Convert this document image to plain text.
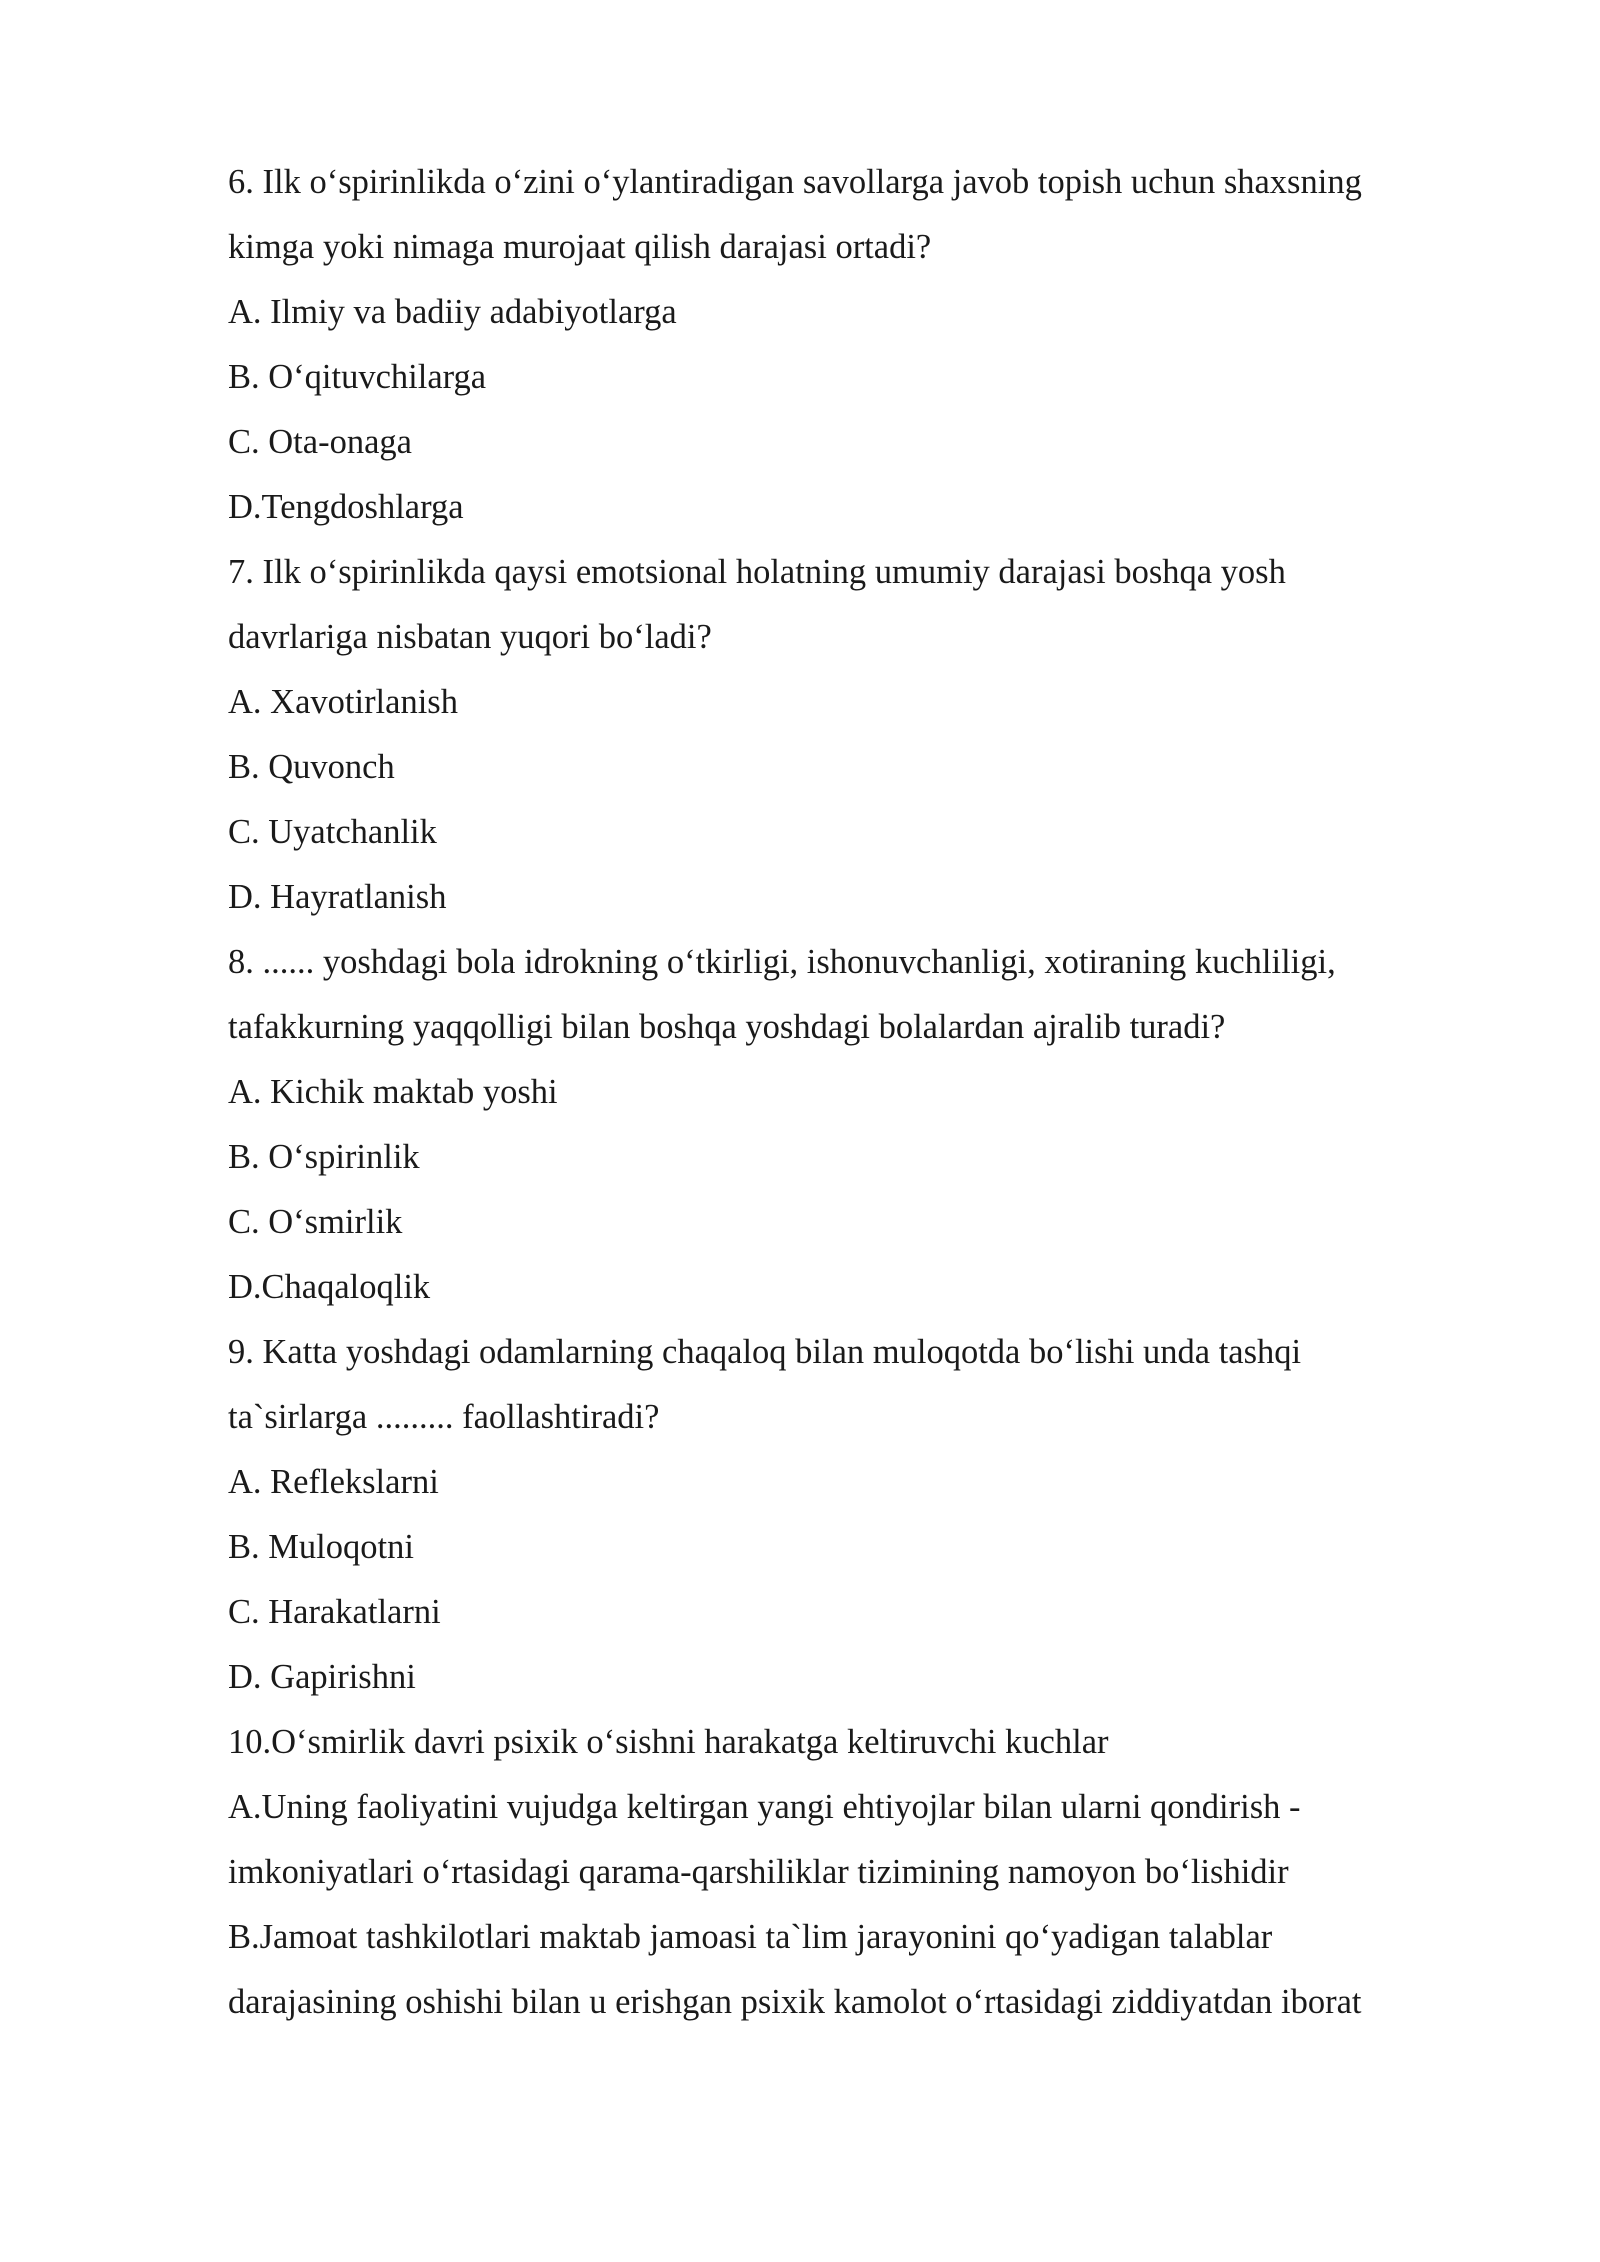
6. Ilk oʻspirinlikda oʻzini oʻylantiradigan savollarga javob topish uchun shaxsning
kimga yoki nimaga murojaat qilish darajasi ortadi?
A. Ilmiy va badiiy adabiyotlarga
B. Oʻqituvchilarga
C. Ota-onaga
D.Tengdoshlarga
7. Ilk oʻspirinlikda qaysi emotsional holatning umumiy darajasi boshqa yosh
davrlariga nisbatan yuqori boʻladi?
A. Xavotirlanish
B. Quvonch
C. Uyatchanlik
D. Hayratlanish
8. ...... yoshdagi bola idrokning oʻtkirligi, ishonuvchanligi, xotiraning kuchliligi,
tafakkurning yaqqolligi bilan boshqa yoshdagi bolalardan ajralib turadi?
A. Kichik maktab yoshi
B. Oʻspirinlik
C. Oʻsmirlik
D.Chaqaloqlik
9. Katta yoshdagi odamlarning chaqaloq bilan muloqotda boʻlishi unda tashqi
ta`sirlarga ......... faollashtiradi?
A. Reflekslarni
B. Muloqotni
C. Harakatlarni
D. Gapirishni
10.Oʻsmirlik davri psixik oʻsishni harakatga keltiruvchi kuchlar
A.Uning faoliyatini vujudga keltirgan yangi ehtiyojlar bilan ularni qondirish -
imkoniyatlari oʻrtasidagi qarama-qarshiliklar tizimining namoyon boʻlishidir
B.Jamoat tashkilotlari maktab jamoasi ta`lim jarayonini qoʻyadigan talablar
darajasining oshishi bilan u erishgan psixik kamolot oʻrtasidagi ziddiyatdan iborat
